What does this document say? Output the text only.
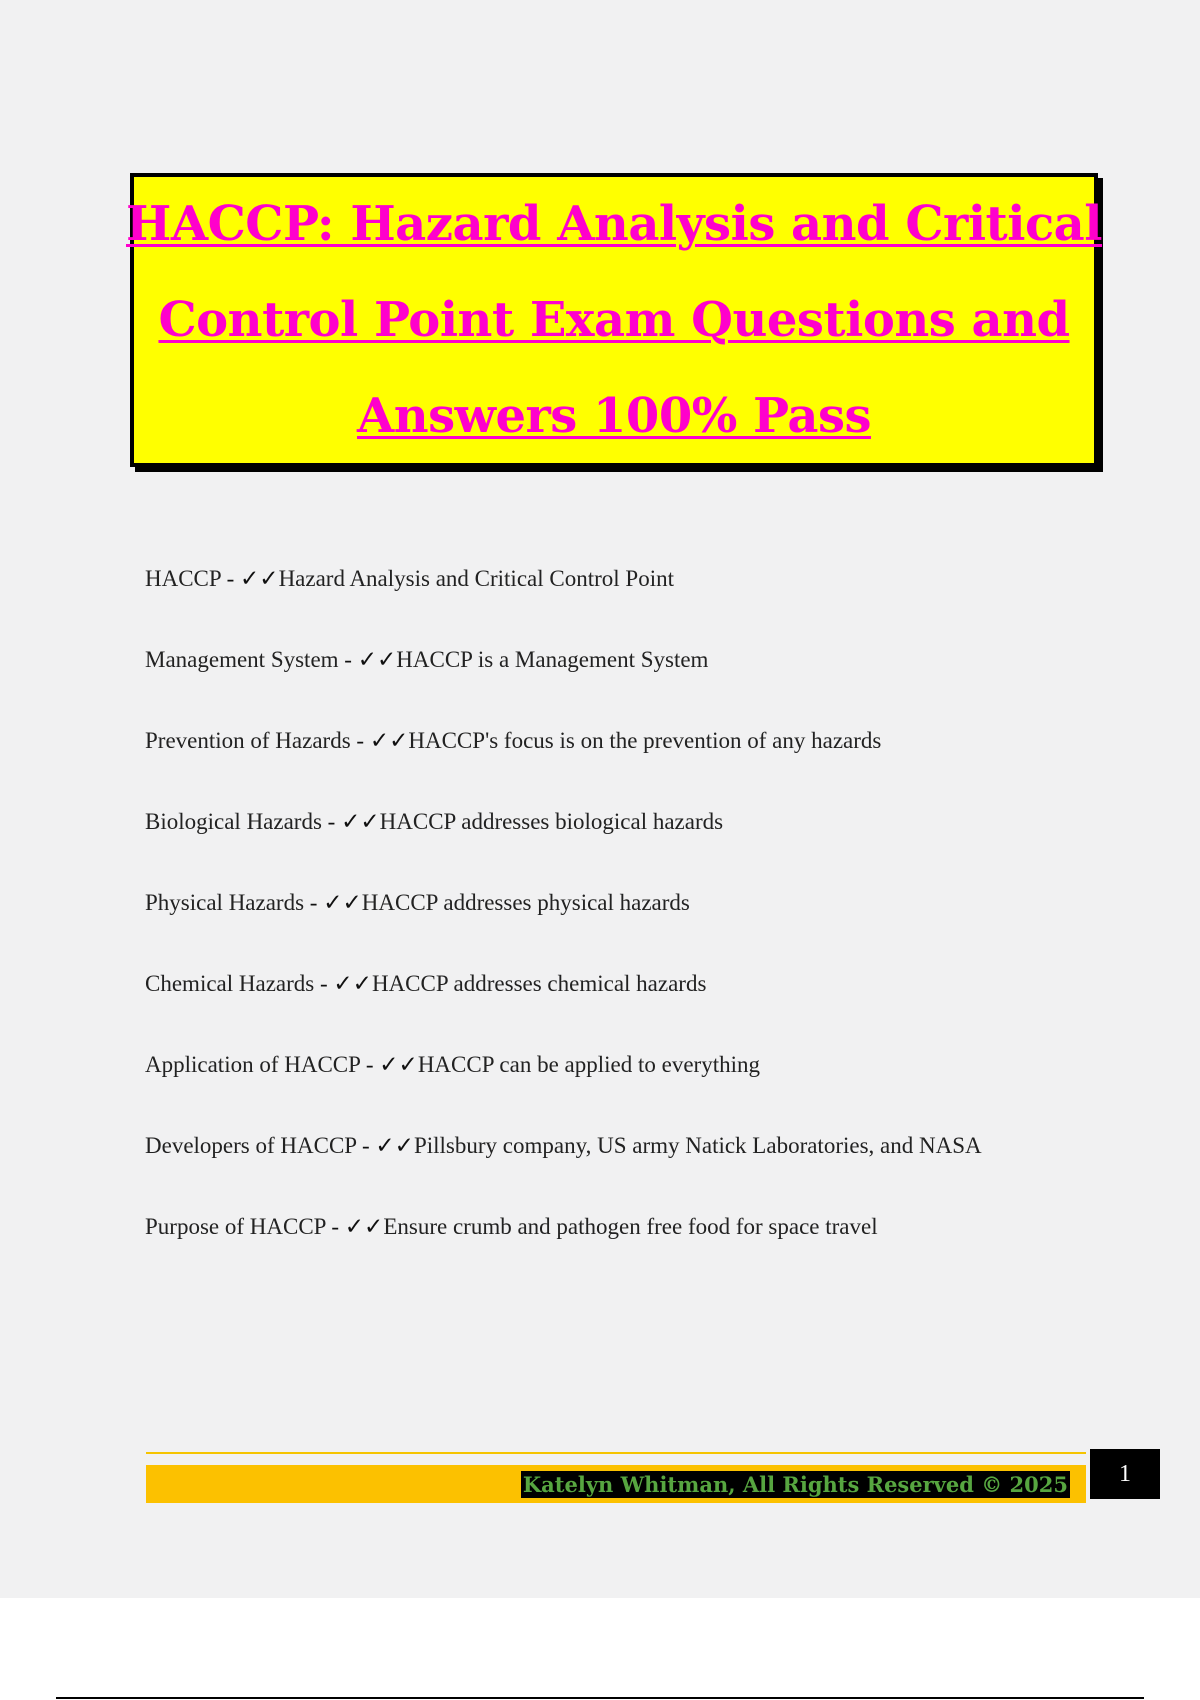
HACCP: Hazard Analysis and Critical
Control Point Exam Questions and
Answers 100% Pass
HACCP - ✓✓Hazard Analysis and Critical Control Point
Management System - ✓✓HACCP is a Management System
Prevention of Hazards - ✓✓HACCP's focus is on the prevention of any hazards
Biological Hazards - ✓✓HACCP addresses biological hazards
Physical Hazards - ✓✓HACCP addresses physical hazards
Chemical Hazards - ✓✓HACCP addresses chemical hazards
Application of HACCP - ✓✓HACCP can be applied to everything
Developers of HACCP - ✓✓Pillsbury company, US army Natick Laboratories, and NASA
Purpose of HACCP - ✓✓Ensure crumb and pathogen free food for space travel
Katelyn Whitman, All Rights Reserved © 2025	1
